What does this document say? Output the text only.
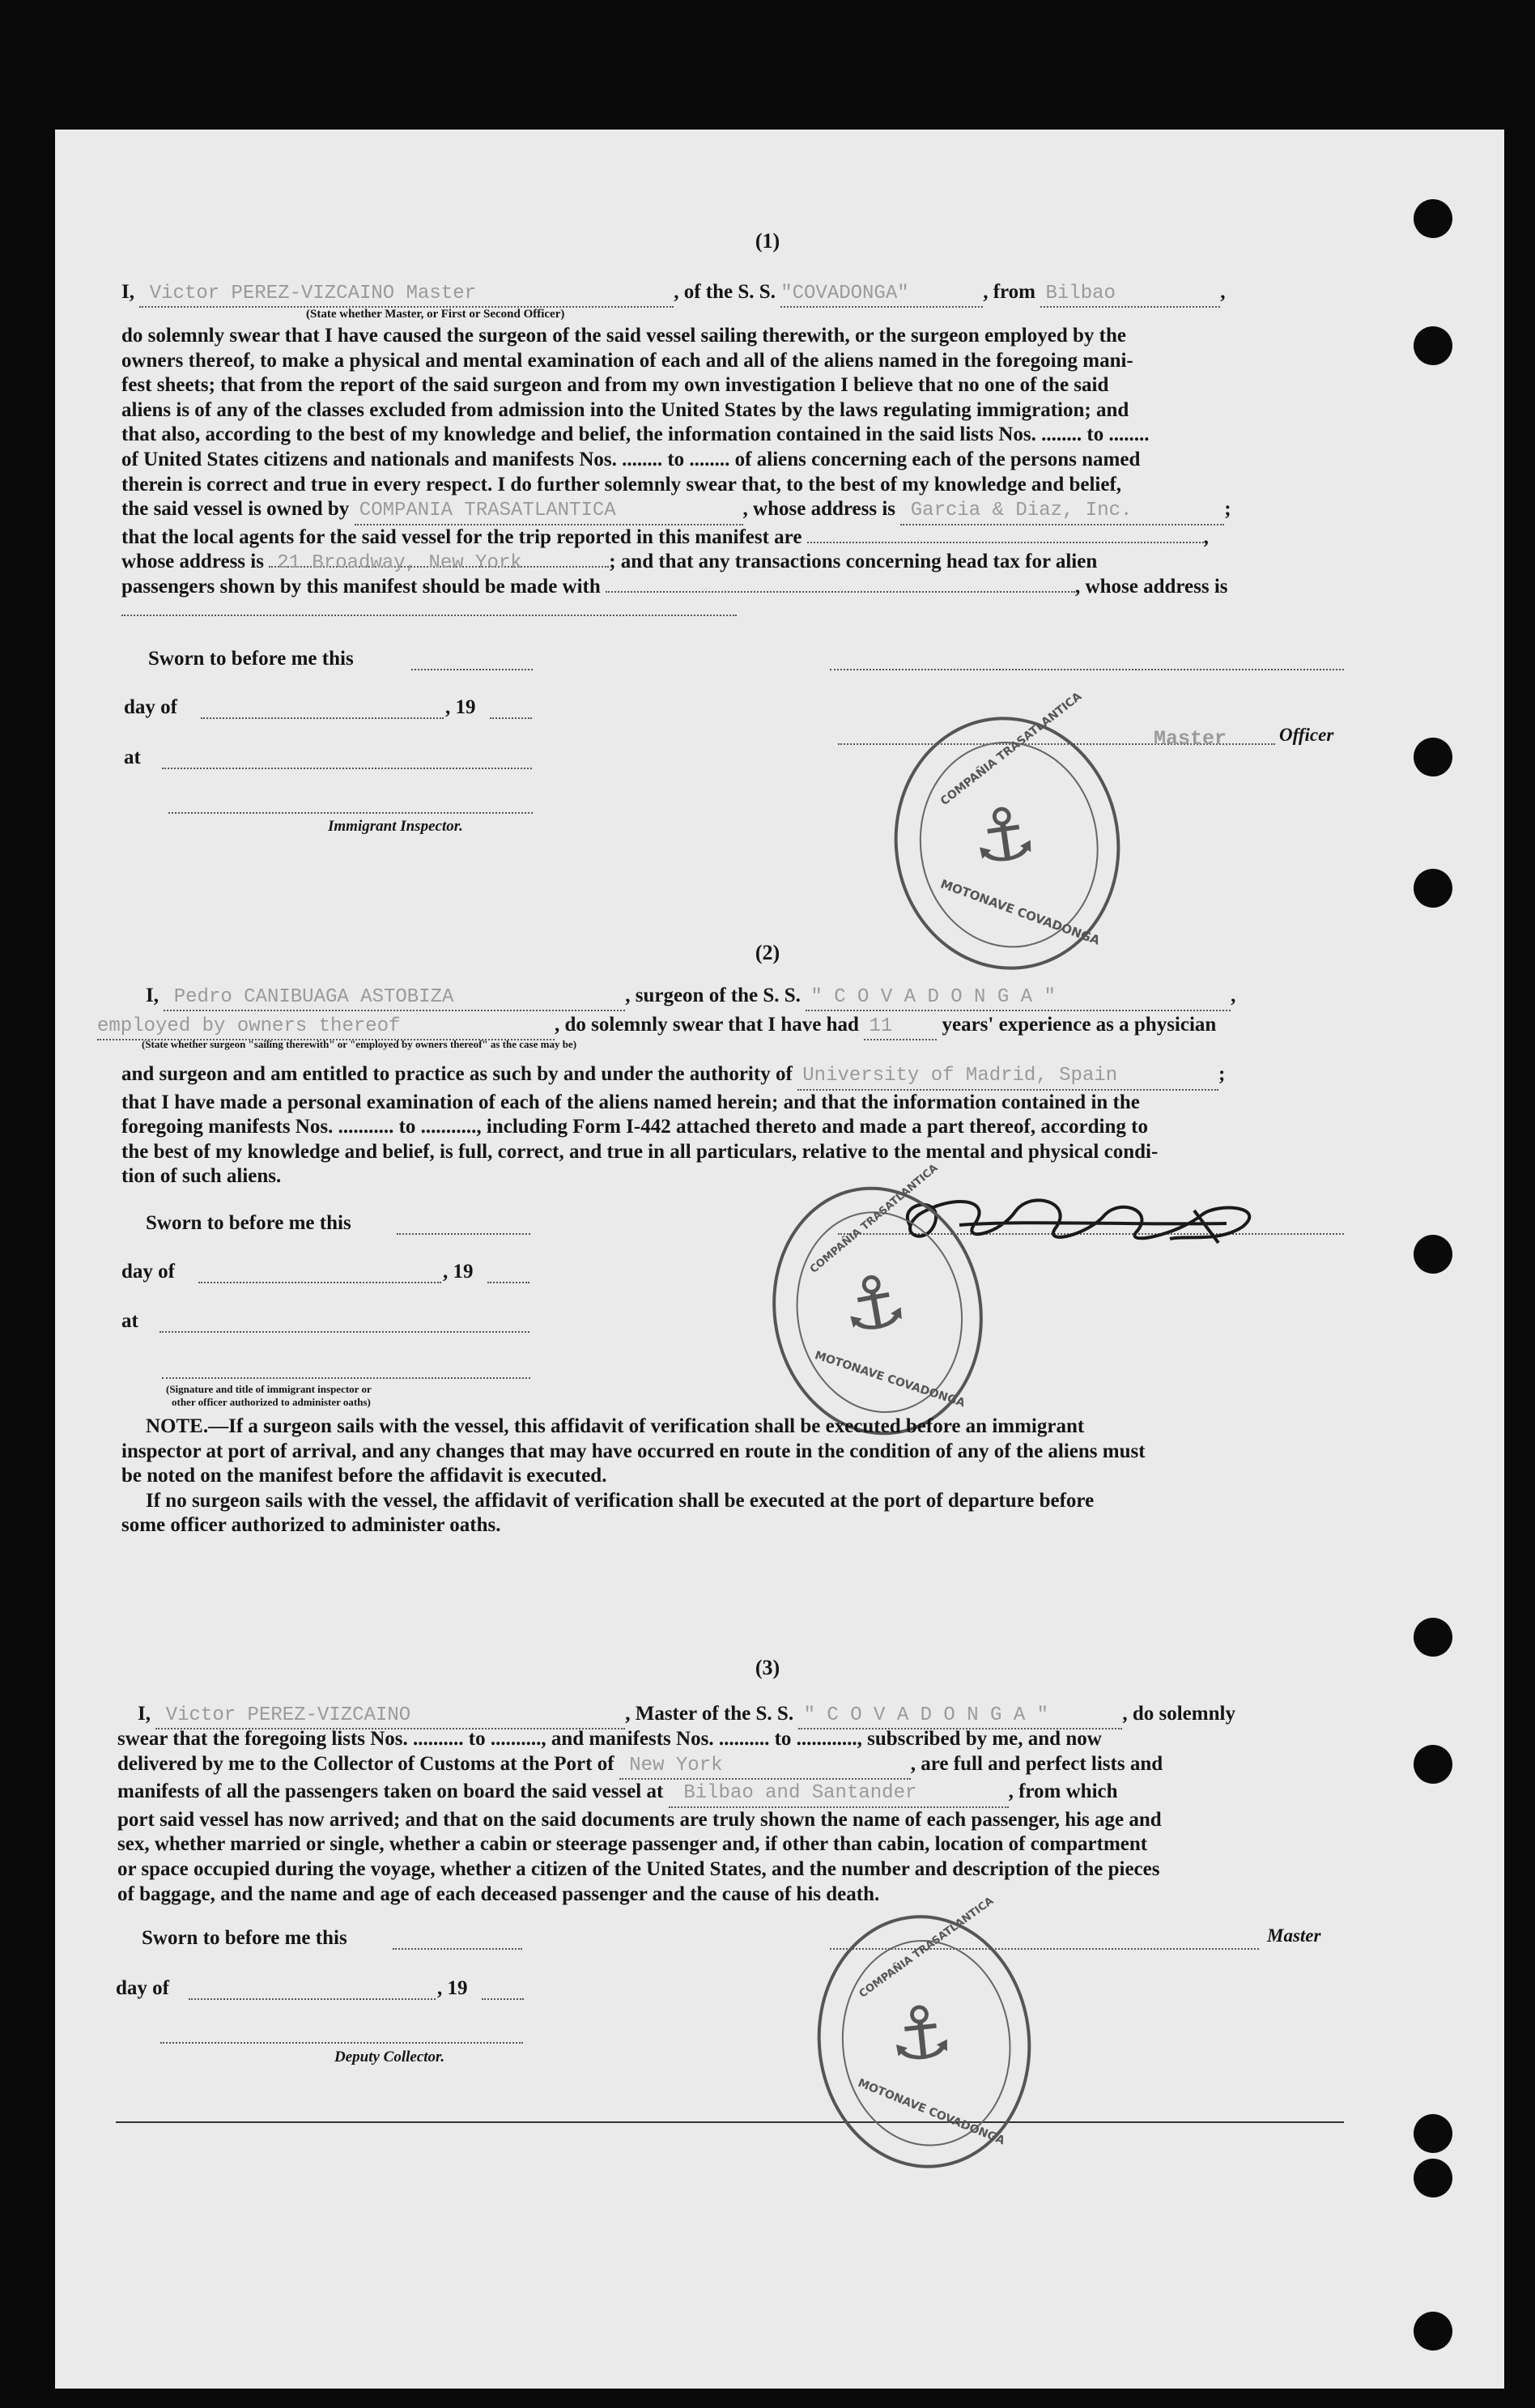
(1)
I, Victor PEREZ-VIZCAINO Master	, of the S. S. "COVADONGA"	, from Bilbao	,
(State whether Master, or First or Second Officer)
do solemnly swear that I have caused the surgeon of the said vessel sailing therewith, or the surgeon employed by the
owners thereof, to make a physical and mental examination of each and all of the aliens named in the foregoing mani-
fest sheets; that from the report of the said surgeon and from my own investigation I believe that no one of the said
aliens is of any of the classes excluded from admission into the United States by the laws regulating immigration; and
that also, according to the best of my knowledge and belief, the information contained in the said lists Nos. ........ to ........
of United States citizens and nationals and manifests Nos. ........ to ........ of aliens concerning each of the persons named
therein is correct and true in every respect. I do further solemnly swear that, to the best of my knowledge and belief,
the said vessel is owned by COMPANIA TRASATLANTICA	, whose address is Garcia & Diaz, Inc.	;
that the local agents for the said vessel for the trip reported in this manifest are	,
whose address is 21 Broadway, New York	; and that any transactions concerning head tax for alien
passengers shown by this manifest should be made with	, whose address is
Sworn to before me this
day of	, 19
Master	Officer
at
Immigrant Inspector.
COMPAÑIA TRASATLANTICA
⚓
MOTONAVE COVADONGA
(2)
I, Pedro CANIBUAGA ASTOBIZA	, surgeon of the S. S. " C O V A D O N G A "	,
employed by owners thereof	, do solemnly swear that I have had 11 years' experience as a physician
(State whether surgeon "sailing therewith" or "employed by owners thereof" as the case may be)
and surgeon and am entitled to practice as such by and under the authority of University of Madrid, Spain	;
that I have made a personal examination of each of the aliens named herein; and that the information contained in the
foregoing manifests Nos. ........... to ..........., including Form I-442 attached thereto and made a part thereof, according to
the best of my knowledge and belief, is full, correct, and true in all particulars, relative to the mental and physical condi-
tion of such aliens.
Sworn to before me this
day of	, 19
at
(Signature and title of immigrant inspector or
other officer authorized to administer oaths)
COMPAÑIA TRASATLANTICA
⚓
MOTONAVE COVADONGA
NOTE.—If a surgeon sails with the vessel, this affidavit of verification shall be executed before an immigrant
inspector at port of arrival, and any changes that may have occurred en route in the condition of any of the aliens must
be noted on the manifest before the affidavit is executed.
If no surgeon sails with the vessel, the affidavit of verification shall be executed at the port of departure before
some officer authorized to administer oaths.
(3)
I, Victor PEREZ-VIZCAINO	, Master of the S. S. " C O V A D O N G A "	, do solemnly
swear that the foregoing lists Nos. .......... to .........., and manifests Nos. .......... to ............, subscribed by me, and now
delivered by me to the Collector of Customs at the Port of New York	, are full and perfect lists and
manifests of all the passengers taken on board the said vessel at Bilbao and Santander	, from which
port said vessel has now arrived; and that on the said documents are truly shown the name of each passenger, his age and
sex, whether married or single, whether a cabin or steerage passenger and, if other than cabin, location of compartment
or space occupied during the voyage, whether a citizen of the United States, and the number and description of the pieces
of baggage, and the name and age of each deceased passenger and the cause of his death.
Sworn to before me this	Master
day of	, 19
Deputy Collector.
COMPAÑIA TRASATLANTICA
⚓
MOTONAVE COVADONGA
